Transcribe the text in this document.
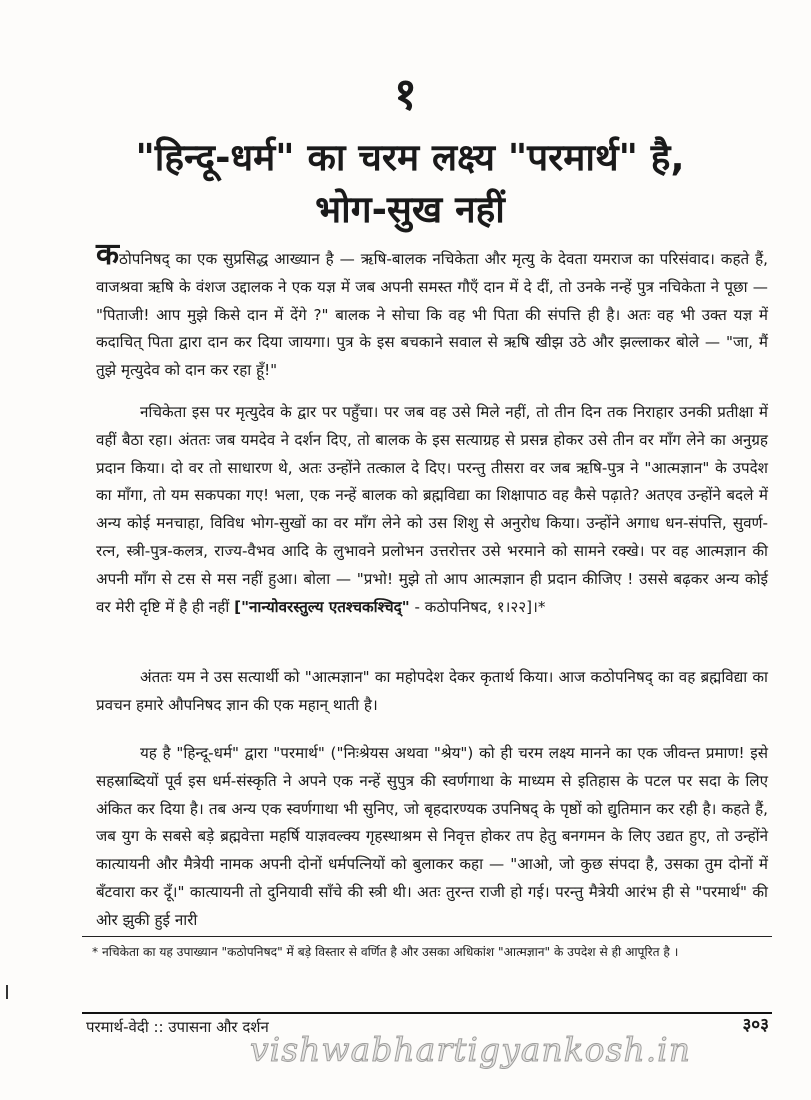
१
"हिन्दू-धर्म" का चरम लक्ष्य "परमार्थ" है,
भोग-सुख नहीं

कठोपनिषद् का एक सुप्रसिद्ध आख्यान है — ऋषि-बालक नचिकेता और मृत्यु के देवता यमराज का परिसंवाद। कहते हैं, वाजश्रवा ऋषि के वंशज उद्दालक ने एक यज्ञ में जब अपनी समस्त गौएँ दान में दे दीं, तो उनके नन्हें पुत्र नचिकेता ने पूछा — "पिताजी! आप मुझे किसे दान में देंगे ?" बालक ने सोचा कि वह भी पिता की संपत्ति ही है। अतः वह भी उक्त यज्ञ में कदाचित् पिता द्वारा दान कर दिया जायगा। पुत्र के इस बचकाने सवाल से ऋषि खीझ उठे और झल्लाकर बोले — "जा, मैं तुझे मृत्युदेव को दान कर रहा हूँ!"

नचिकेता इस पर मृत्युदेव के द्वार पर पहुँचा। पर जब वह उसे मिले नहीं, तो तीन दिन तक निराहार उनकी प्रतीक्षा में वहीं बैठा रहा। अंततः जब यमदेव ने दर्शन दिए, तो बालक के इस सत्याग्रह से प्रसन्न होकर उसे तीन वर माँग लेने का अनुग्रह प्रदान किया। दो वर तो साधारण थे, अतः उन्होंने तत्काल दे दिए। परन्तु तीसरा वर जब ऋषि-पुत्र ने "आत्मज्ञान" के उपदेश का माँगा, तो यम सकपका गए! भला, एक नन्हें बालक को ब्रह्मविद्या का शिक्षापाठ वह कैसे पढ़ाते? अतएव उन्होंने बदले में अन्य कोई मनचाहा, विविध भोग-सुखों का वर माँग लेने को उस शिशु से अनुरोध किया। उन्होंने अगाध धन-संपत्ति, सुवर्ण-रत्न, स्त्री-पुत्र-कलत्र, राज्य-वैभव आदि के लुभावने प्रलोभन उत्तरोत्तर उसे भरमाने को सामने रक्खे। पर वह आत्मज्ञान की अपनी माँग से टस से मस नहीं हुआ। बोला — "प्रभो! मुझे तो आप आत्मज्ञान ही प्रदान कीजिए ! उससे बढ़कर अन्य कोई वर मेरी दृष्टि में है ही नहीं ["नान्योवरस्तुल्य एतश्चकश्चिद्" - कठोपनिषद, १।२२]।*

अंततः यम ने उस सत्यार्थी को "आत्मज्ञान" का महोपदेश देकर कृतार्थ किया। आज कठोपनिषद् का वह ब्रह्मविद्या का प्रवचन हमारे औपनिषद ज्ञान की एक महान् थाती है।

यह है "हिन्दू-धर्म" द्वारा "परमार्थ" ("निःश्रेयस अथवा "श्रेय") को ही चरम लक्ष्य मानने का एक जीवन्त प्रमाण! इसे सहस्राब्दियों पूर्व इस धर्म-संस्कृति ने अपने एक नन्हें सुपुत्र की स्वर्णगाथा के माध्यम से इतिहास के पटल पर सदा के लिए अंकित कर दिया है। तब अन्य एक स्वर्णगाथा भी सुनिए, जो बृहदारण्यक उपनिषद् के पृष्ठों को द्युतिमान कर रही है। कहते हैं, जब युग के सबसे बड़े ब्रह्मवेत्ता महर्षि याज्ञवल्क्य गृहस्थाश्रम से निवृत्त होकर तप हेतु बनगमन के लिए उद्यत हुए, तो उन्होंने कात्यायनी और मैत्रेयी नामक अपनी दोनों धर्मपत्नियों को बुलाकर कहा — "आओ, जो कुछ संपदा है, उसका तुम दोनों में बँटवारा कर दूँ।" कात्यायनी तो दुनियावी साँचे की स्त्री थी। अतः तुरन्त राजी हो गई। परन्तु मैत्रेयी आरंभ ही से "परमार्थ" की ओर झुकी हुई नारी

* नचिकेता का यह उपाख्यान "कठोपनिषद" में बड़े विस्तार से वर्णित है और उसका अधिकांश "आत्मज्ञान" के उपदेश से ही आपूरित है ।
परमार्थ-वेदी :: उपासना और दर्शन	३०३
vishwabhartigyankosh.in
